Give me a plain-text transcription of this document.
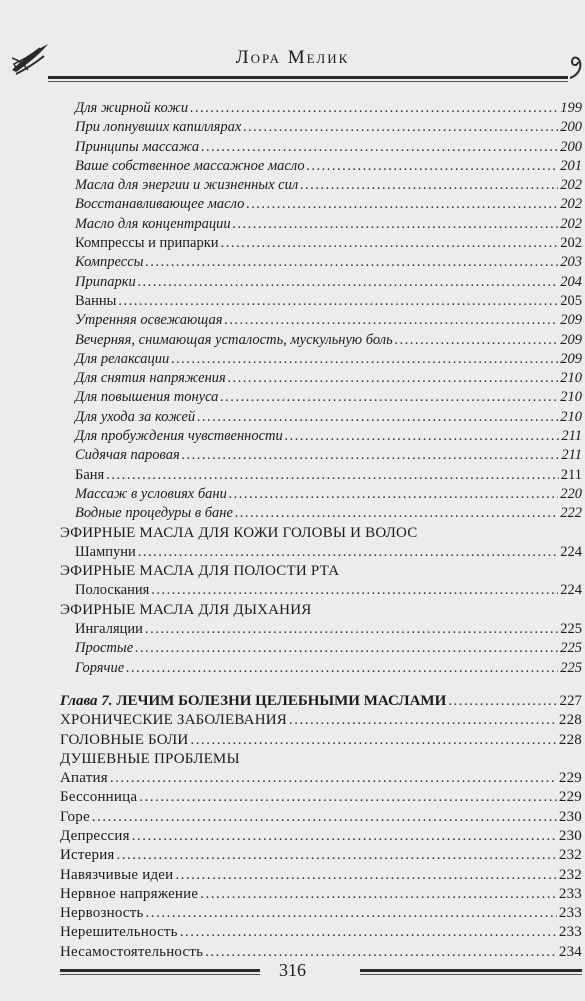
Лора Мелик
Для жирной кожи .....	199
При лопнувших капиллярах .....	200
Принципы массажа .....	200
Ваше собственное массажное масло .....	201
Масла для энергии и жизненных сил .....	202
Восстанавливающее масло .....	202
Масло для концентрации .....	202
Компрессы и припарки .....	202
Компрессы .....	203
Припарки .....	204
Ванны .....	205
Утренняя освежающая .....	209
Вечерняя, снимающая усталость, мускульную боль .....	209
Для релаксации .....	209
Для снятия напряжения .....	210
Для повышения тонуса .....	210
Для ухода за кожей .....	210
Для пробуждения чувственности .....	211
Сидячая паровая .....	211
Баня .....	211
Массаж в условиях бани .....	220
Водные процедуры в бане .....	222
ЭФИРНЫЕ МАСЛА ДЛЯ КОЖИ ГОЛОВЫ И ВОЛОС
Шампуни .....	224
ЭФИРНЫЕ МАСЛА ДЛЯ ПОЛОСТИ РТА
Полоскания .....	224
ЭФИРНЫЕ МАСЛА ДЛЯ ДЫХАНИЯ
Ингаляции .....	225
Простые .....	225
Горячие .....	225
Глава 7. ЛЕЧИМ БОЛЕЗНИ ЦЕЛЕБНЫМИ МАСЛАМИ .....	227
ХРОНИЧЕСКИЕ ЗАБОЛЕВАНИЯ .....	228
ГОЛОВНЫЕ БОЛИ .....	228
ДУШЕВНЫЕ ПРОБЛЕМЫ
Апатия .....	229
Бессонница .....	229
Горе .....	230
Депрессия .....	230
Истерия .....	232
Навязчивые идеи .....	232
Нервное напряжение .....	233
Нервозность .....	233
Нерешительность .....	233
Несамостоятельность .....	234
316
